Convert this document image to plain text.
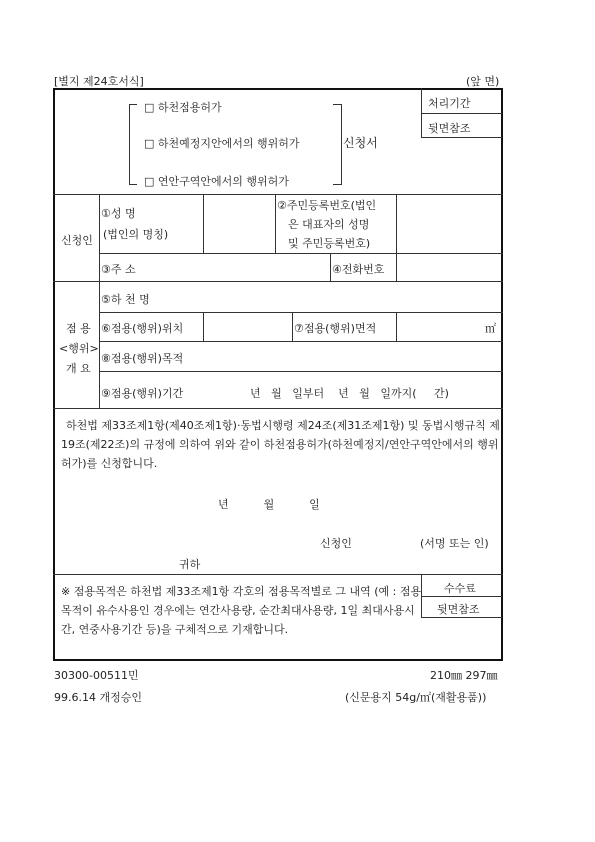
[별지 제24호서식]	(앞 면)
□ 하천점용허가
□ 하천예정지안에서의 행위허가
□ 연안구역안에서의 행위허가
신청서
처리기간
뒷면참조
신청인
①성 명
(법인의 명칭)
②주민등록번호(법인
은 대표자의 성명
및 주민등록번호)
③주 소	④전화번호
점 용
<행위>
개 요
⑤하 천 명
⑥점용(행위)위치	⑦점용(행위)면적	㎡
⑧점용(행위)목적
⑨점용(행위)기간	년   월   일부터    년   월   일까지(     간)
하천법 제33조제1항(제40조제1항)·동법시행령 제24조(제31조제1항) 및 동법시행규칙 제19조(제22조)의 규정에 의하여 위와 같이 하천점용허가(하천예정지/연안구역안에서의 행위허가)를 신청합니다.
년          월          일
신청인	(서명 또는 인)
귀하
※ 점용목적은 하천법 제33조제1항 각호의 점용목적별로 그 내역 (예 : 점용목적이 유수사용인 경우에는 연간사용량, 순간최대사용량, 1일 최대사용시간, 연중사용기간 등)을 구체적으로 기재합니다.
수수료
뒷면참조
30300-00511민	210㎜ 297㎜
99.6.14 개정승인	(신문용지 54g/㎡(재활용품))
